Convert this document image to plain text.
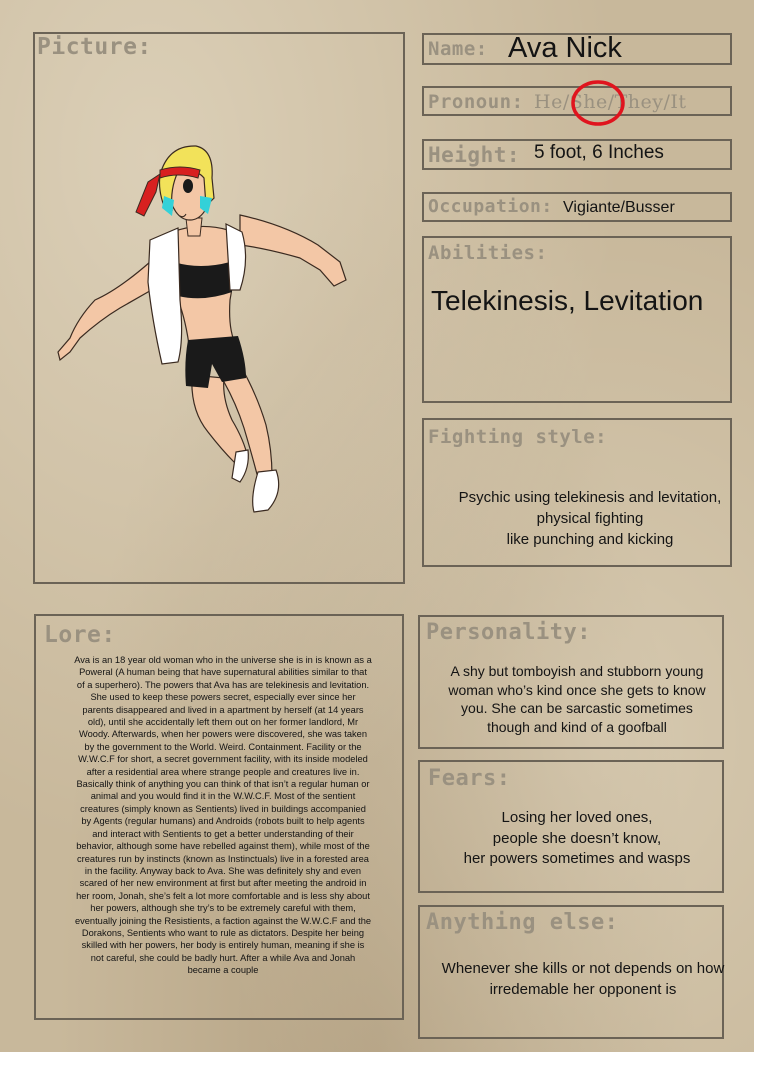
Picture:	Name: Ava Nick
Pronoun: He/She/They/It
Height: 5 foot, 6 Inches
Occupation: Vigiante/Busser
Abilities:
Telekinesis, Levitation
Fighting style:
Psychic using telekinesis and levitation,
physical fighting
like punching and kicking
Lore:
Ava is an 18 year old woman who in the universe she is in is known as a Poweral (A human being that have supernatural abilities similar to that of a superhero). The powers that Ava has are telekinesis and levitation. She used to keep these powers secret, especially ever since her parents disappeared and lived in a apartment by herself (at 14 years old), until she accidentally left them out on her former landlord, Mr Woody. Afterwards, when her powers were discovered, she was taken by the government to the World. Weird. Containment. Facility or the W.W.C.F for short, a secret government facility, with its inside modeled after a residential area where strange people and creatures live in. Basically think of anything you can think of that isn’t a regular human or animal and you would find it in the W.W.C.F. Most of the sentient creatures (simply known as Sentients) lived in buildings accompanied by Agents (regular humans) and Androids (robots built to help agents and interact with Sentients to get a better understanding of their behavior, although some have rebelled against them), while most of the creatures run by instincts (known as Instinctuals) live in a forested area in the facility. Anyway back to Ava. She was definitely shy and even scared of her new environment at first but after meeting the android in her room, Jonah, she’s felt a lot more comfortable and is less shy about her powers, although she try’s to be extremely careful with them, eventually joining the Resistients, a faction against the W.W.C.F and the Dorakons, Sentients who want to rule as dictators. Despite her being skilled with her powers, her body is entirely human, meaning if she is not careful, she could be badly hurt. After a while Ava and Jonah became a couple
Personality:
A shy but tomboyish and stubborn young
woman who’s kind once she gets to know
you. She can be sarcastic sometimes
though and kind of a goofball
Fears:
Losing her loved ones,
people she doesn’t know,
her powers sometimes and wasps
Anything else:
Whenever she kills or not depends on how
irredemable her opponent is
